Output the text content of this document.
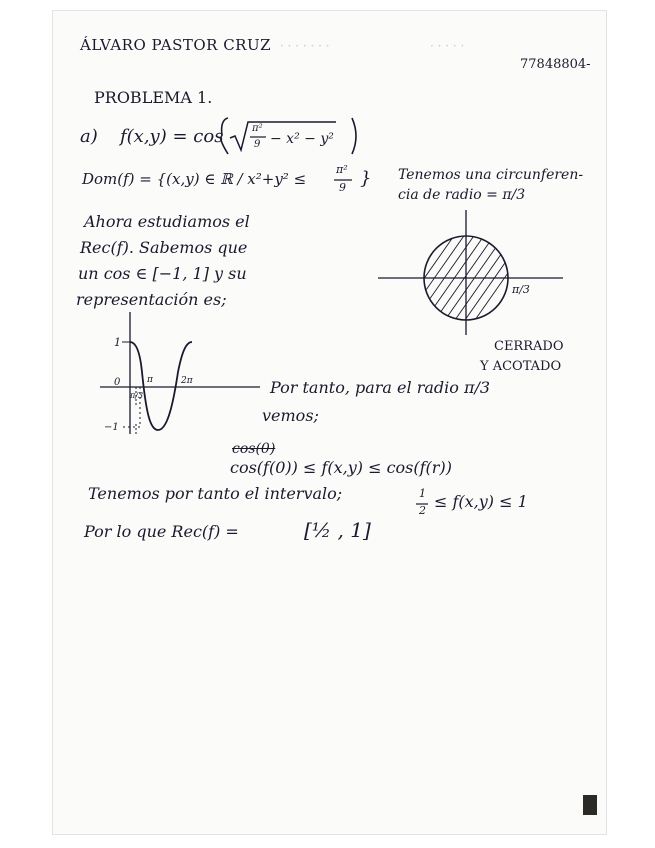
ÁLVARO PASTOR CRUZ · · · · · · ·	· · · · ·
77848804-
PROBLEMA 1.
a) f(x,y) = cos	π²
9 − x² − y²
Dom(f) = {(x,y) ∈ ℝ / x²+y² ≤
π²
9 } Tenemos una circunferen-
cia de radio = π/3
Ahora estudiamos el
Rec(f). Sabemos que
un cos ∈ [−1, 1] y su
representación es;
π/3
CERRADO
Y ACOTADO
1
0
−1
π/3
π	2π	Por tanto, para el radio π/3
vemos;
cos(0)
cos(f(0)) ≤ f(x,y) ≤ cos(f(r))
Tenemos por tanto el intervalo;	1
2 ≤ f(x,y) ≤ 1
Por lo que Rec(f) =	[½ , 1]
